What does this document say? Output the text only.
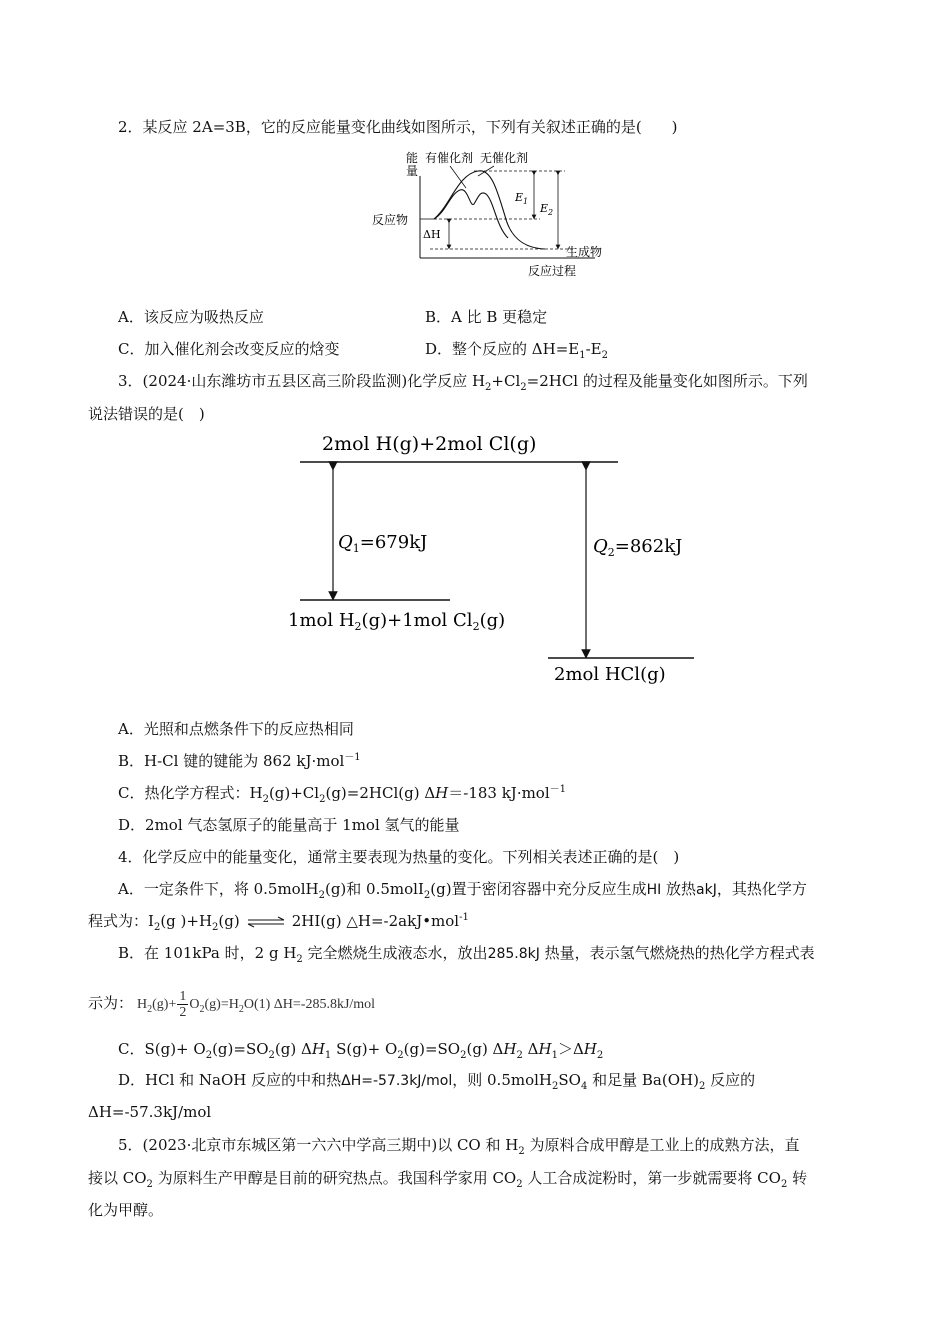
2．某反应 2A=3B，它的反应能量变化曲线如图所示，下列有关叙述正确的是(　　)
能
量
有催化剂 无催化剂
反应物
$E_1$
$E_2$
ΔH
生成物
反应过程
A．该反应为吸热反应	B．A 比 B 更稳定
C．加入催化剂会改变反应的焓变	D．整个反应的 $\Delta H=E_1-E_2$
3．(2024·山东潍坊市五县区高三阶段监测)化学反应 $H_2+Cl_2=2HCl$ 的过程及能量变化如图所示。下列
说法错误的是(　)
2mol H(g)+2mol Cl(g)
$Q_1=679kJ$
1mol $H_2(g)+1mol$ $Cl_2(g)$
$Q_2=862kJ$
2mol HCl(g)
A．光照和点燃条件下的反应热相同
B．H-Cl 键的键能为 862 kJ·mol$^{-1}$
C．热化学方程式：$H_2(g)+Cl_2(g)=2HCl(g)$ ΔH＝-183 kJ·mol$^{-1}$
D．2mol 气态氢原子的能量高于 1mol 氢气的能量
4．化学反应中的能量变化，通常主要表现为热量的变化。下列相关表述正确的是(　)
A．一定条件下，将 0.5molH$_2$(g)和 0.5molI$_2$(g)置于密闭容器中充分反应生成HI 放热akJ，其热化学方
程式为：$I_2(g$ )$+H_2(g)$ ⇌ 2HI(g) △H=-2akJ•mol$^{-1}$
B．在 101kPa 时，2 g $H_2$ 完全燃烧生成液态水，放出285.8kJ 热量，表示氢气燃烧热的热化学方程式表
示为： $H_2(g)+ \frac{1}{2} O_2(g)=H_2O(1)$ ΔH=-285.8kJ/mol
C．$S(g)+ O_2(g)=SO_2(g)$ $\Delta H_1$ $S(g)+ O_2(g)=SO_2(g)$ $\Delta H_2$ $\Delta H_1>\Delta H_2$
D．HCl 和 NaOH 反应的中和热ΔH=-57.3kJ/mol，则 $0.5molH_2SO_4$ 和足量 $Ba(OH)_2$ 反应的
ΔH=-57.3kJ/mol
5．(2023·北京市东城区第一六六中学高三期中)以 CO 和 $H_2$ 为原料合成甲醇是工业上的成熟方法，直
接以 $CO_2$ 为原料生产甲醇是目前的研究热点。我国科学家用 $CO_2$ 人工合成淀粉时，第一步就需要将 $CO_2$ 转
化为甲醇。
